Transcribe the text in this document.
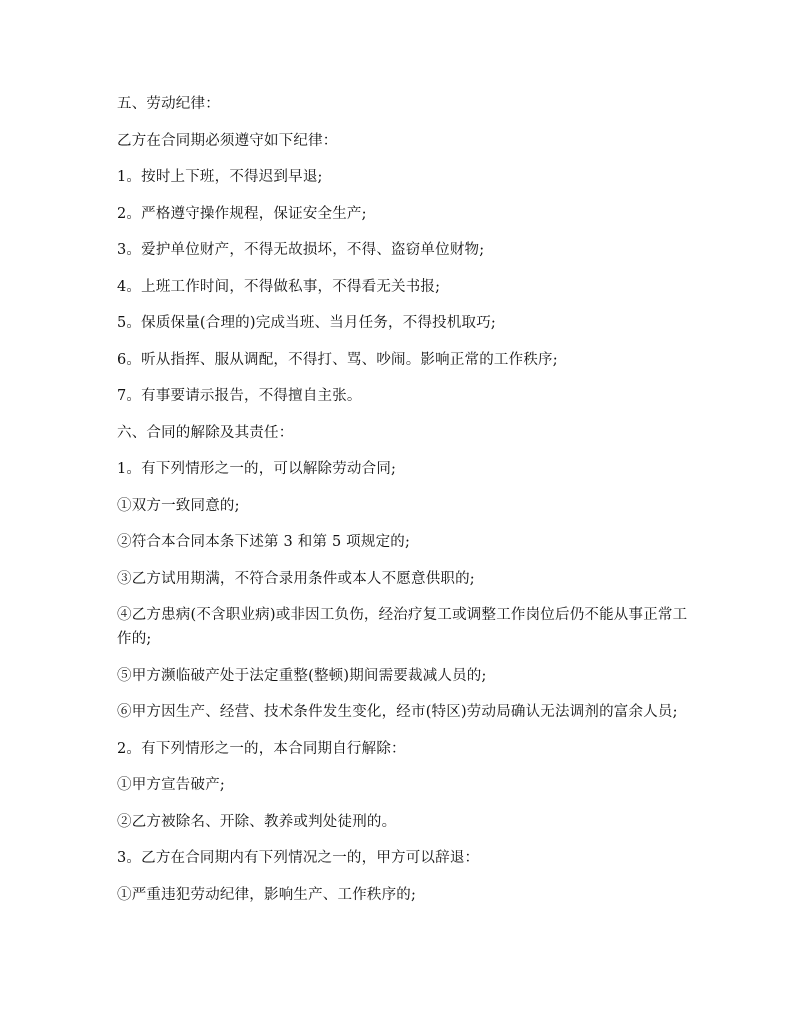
五、劳动纪律：

乙方在合同期必须遵守如下纪律：

1。按时上下班，不得迟到早退;

2。严格遵守操作规程，保证安全生产;

3。爱护单位财产，不得无故损坏，不得、盗窃单位财物;

4。上班工作时间，不得做私事，不得看无关书报;

5。保质保量(合理的)完成当班、当月任务，不得投机取巧;

6。听从指挥、服从调配，不得打、骂、吵闹。影响正常的工作秩序;

7。有事要请示报告，不得擅自主张。

六、合同的解除及其责任：

1。有下列情形之一的，可以解除劳动合同;

①双方一致同意的;

②符合本合同本条下述第 3 和第 5 项规定的;

③乙方试用期满，不符合录用条件或本人不愿意供职的;

④乙方患病(不含职业病)或非因工负伤，经治疗复工或调整工作岗位后仍不能从事正常工作的;

⑤甲方濒临破产处于法定重整(整顿)期间需要裁减人员的;

⑥甲方因生产、经营、技术条件发生变化，经市(特区)劳动局确认无法调剂的富余人员;

2。有下列情形之一的，本合同期自行解除：

①甲方宣告破产;

②乙方被除名、开除、教养或判处徒刑的。

3。乙方在合同期内有下列情况之一的，甲方可以辞退：

①严重违犯劳动纪律，影响生产、工作秩序的;
